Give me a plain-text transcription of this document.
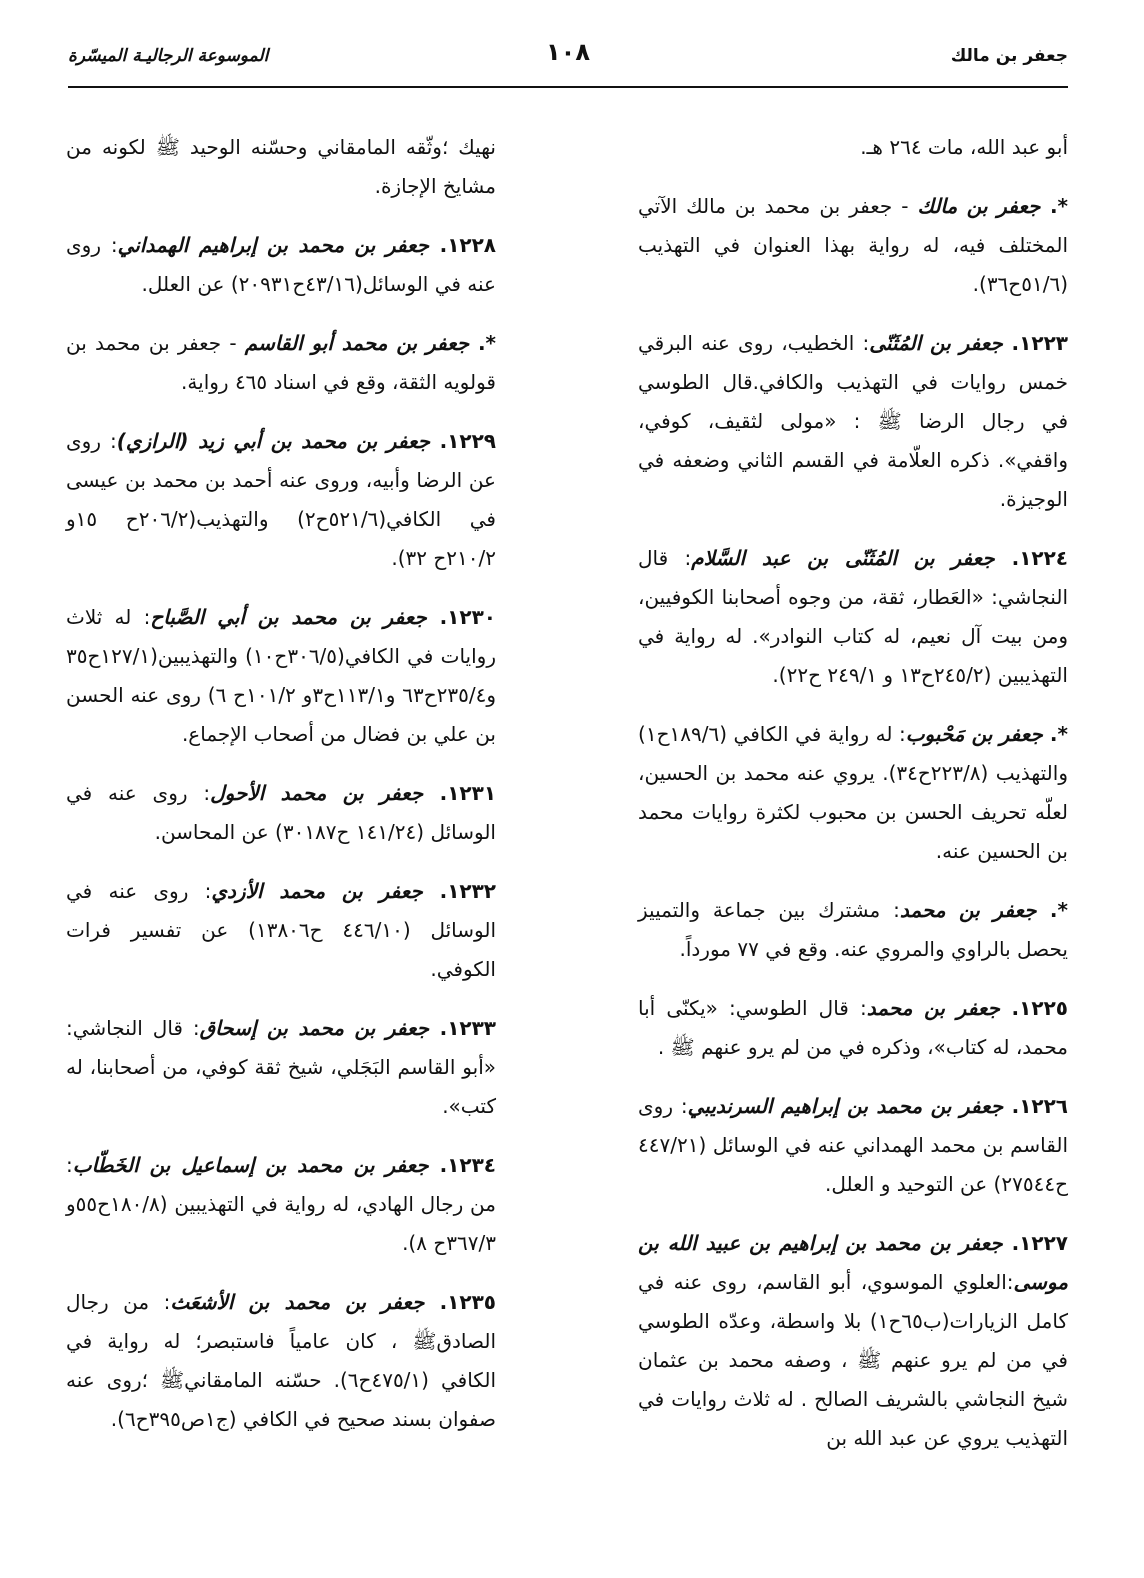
جعفر بن مالك
١٠٨
الموسوعة الرجاليـة الميسّرة

أبو عبد الله، مات ٢٦٤ هـ.

*. جعفر بن مالك - جعفر بن محمد بن مالك الآتي المختلف فيه، له رواية بهذا العنوان في التهذيب (٥١/٦ح٣٦).

١٢٢٣. جعفر بن المُثَنّى: الخطيب، روى عنه البرقي خمس روايات في التهذيب والكافي.قال الطوسي في رجال الرضا ﷺ : «مولى لثقيف، كوفي، واقفي». ذكره العلّامة في القسم الثاني وضعفه في الوجيزة.

١٢٢٤. جعفر بن المُثَنّى بن عبد السَّلام: قال النجاشي: «العَطار، ثقة، من وجوه أصحابنا الكوفيين، ومن بيت آل نعيم، له كتاب النوادر». له رواية في التهذيبين (٢٤٥/٢ح١٣ و ٢٤٩/١ ح٢٢).

*. جعفر بن مَحْبوب: له رواية في الكافي (١٨٩/٦ح١) والتهذيب (٢٢٣/٨ح٣٤). يروي عنه محمد بن الحسين، لعلّه تحريف الحسن بن محبوب لكثرة روايات محمد بن الحسين عنه.

*. جعفر بن محمد: مشترك بين جماعة والتمييز يحصل بالراوي والمروي عنه. وقع في ٧٧ مورداً.

١٢٢٥. جعفر بن محمد: قال الطوسي: «يكنّى أبا محمد، له كتاب»، وذكره في من لم يرو عنهم ﷺ .

١٢٢٦. جعفر بن محمد بن إبراهيم السرنديبي: روى القاسم بن محمد الهمداني عنه في الوسائل (٤٤٧/٢١ ح٢٧٥٤٤) عن التوحيد و العلل.

١٢٢٧. جعفر بن محمد بن إبراهيم بن عبيد الله بن موسى:العلوي الموسوي، أبو القاسم، روى عنه في كامل الزيارات(ب٦٥ح١) بلا واسطة، وعدّه الطوسي في من لم يرو عنهم ﷺ ، وصفه محمد بن عثمان شيخ النجاشي بالشريف الصالح . له ثلاث روايات في التهذيب يروي عن عبد الله بن

نهيك ؛وثّقه المامقاني وحسّنه الوحيد ﷺ لكونه من مشايخ الإجازة.

١٢٢٨. جعفر بن محمد بن إبراهيم الهمداني: روى عنه في الوسائل(٤٣/١٦ح٢٠٩٣١) عن العلل.

*. جعفر بن محمد أبو القاسم - جعفر بن محمد بن قولويه الثقة، وقع في اسناد ٤٦٥ رواية.

١٢٢٩. جعفر بن محمد بن أبي زيد (الرازي): روى عن الرضا وأبيه، وروى عنه أحمد بن محمد بن عيسى في الكافي(٥٢١/٦ح٢) والتهذيب(٢٠٦/٢ح ١٥و ٢١٠/٢ح ٣٢).

١٢٣٠. جعفر بن محمد بن أبي الصَّباح: له ثلاث روايات في الكافي(٣٠٦/٥ح١٠) والتهذيبين(١٢٧/١ح٣٥ و٢٣٥/٤ح٦٣ و١١٣/١ح٣و ١٠١/٢ح ٦) روى عنه الحسن بن علي بن فضال من أصحاب الإجماع.

١٢٣١. جعفر بن محمد الأحول: روى عنه في الوسائل (١٤١/٢٤ ح٣٠١٨٧) عن المحاسن.

١٢٣٢. جعفر بن محمد الأزدي: روى عنه في الوسائل (٤٤٦/١٠ ح١٣٨٠٦) عن تفسير فرات الكوفي.

١٢٣٣. جعفر بن محمد بن إسحاق: قال النجاشي: «أبو القاسم البَجَلي، شيخ ثقة كوفي، من أصحابنا، له كتب».

١٢٣٤. جعفر بن محمد بن إسماعيل بن الخَطّاب: من رجال الهادي، له رواية في التهذيبين (١٨٠/٨ح٥٥و ٣٦٧/٣ح ٨).

١٢٣٥. جعفر بن محمد بن الأشعَث: من رجال الصادقﷺ ، كان عامياً فاستبصر؛ له رواية في الكافي (٤٧٥/١ح٦). حسّنه المامقانيﷺ ؛روى عنه صفوان بسند صحيح في الكافي (ج١ص٣٩٥ح٦).
